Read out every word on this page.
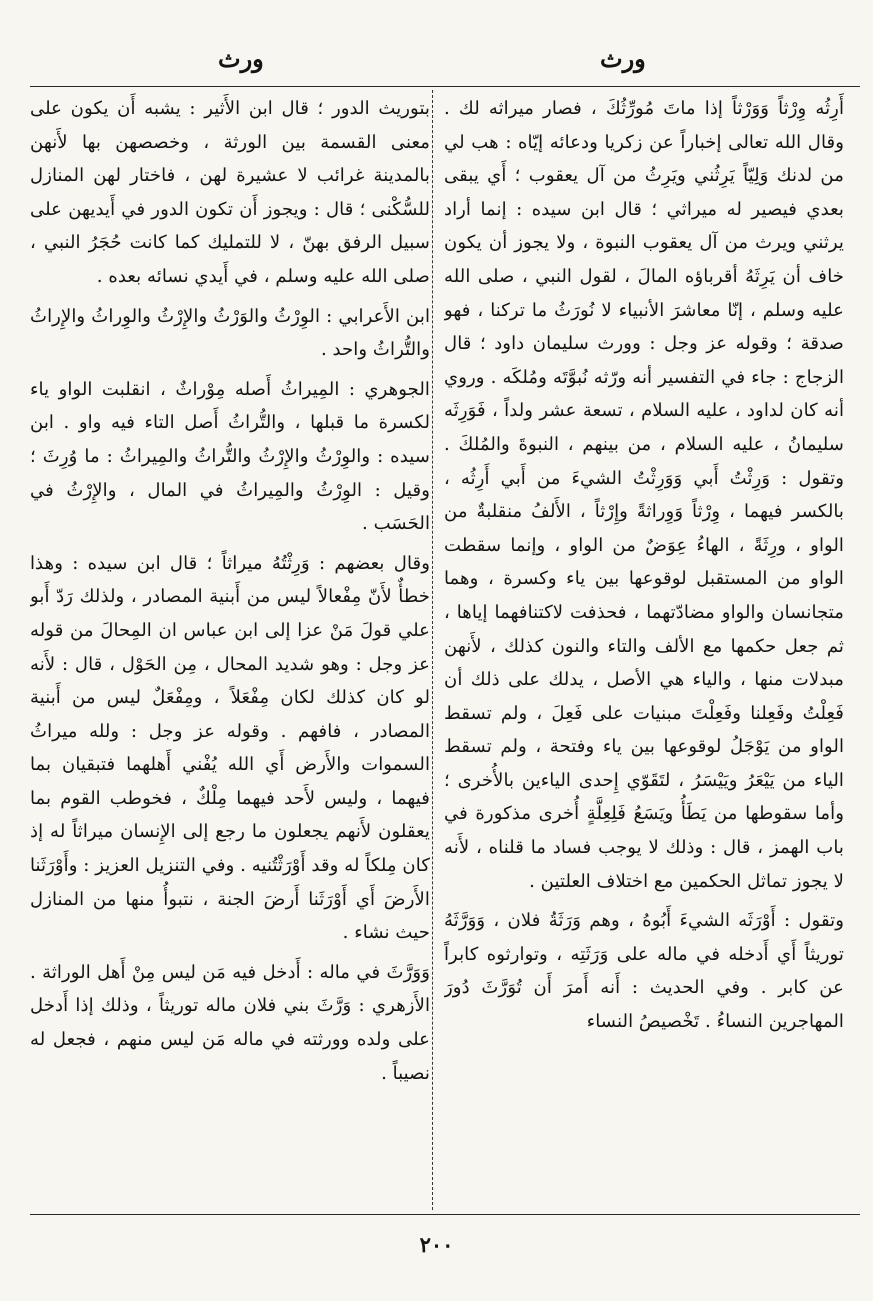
ورث
ورث

أَرِثُه وِرْثاً وَوَرْثاً إذا ماتَ مُورِّثُكَ ، فصار ميراثه لك . وقال الله تعالى إخباراً عن زكريا ودعائه إيّاه : هب لي من لدنك وَلِيّاً يَرِثُني ويَرِثُ من آل يعقوب ؛ أَي يبقى بعدي فيصير له ميراثي ؛ قال ابن سيده : إنما أراد يرثني ويرث من آل يعقوب النبوة ، ولا يجوز أن يكون خاف أن يَرِثَهُ أقرباؤه المالَ ، لقول النبي ، صلى الله عليه وسلم ، إنّا معاشرَ الأنبياء لا نُورَثُ ما تركنا ، فهو صدقة ؛ وقوله عز وجل : وورث سليمان داود ؛ قال الزجاج : جاء في التفسير أنه ورّثه نُبوَّتَه ومُلكَه . وروي أنه كان لداود ، عليه السلام ، تسعة عشر ولداً ، فَوَرِثَه سليمانُ ، عليه السلام ، من بينهم ، النبوةَ والمُلكَ . وتقول : وَرِثْتُ أَبي وَوَرِثْتُ الشيءَ من أَبي أَرِثُه ، بالكسر فيهما ، وِرْثاً وَوِراثةً وإِرْثاً ، الأَلفُ منقلبةٌ من الواو ، ورِثَةً ، الهاءُ عِوَضٌ من الواو ، وإنما سقطت الواو من المستقبل لوقوعها بين ياء وكسرة ، وهما متجانسان والواو مضادّتهما ، فحذفت لاكتنافهما إياها ، ثم جعل حكمها مع الألف والتاء والنون كذلك ، لأَنهن مبدلات منها ، والياء هي الأصل ، يدلك على ذلك أن فَعِلْتُ وفَعِلنا وفَعِلْتَ مبنيات على فَعِلَ ، ولم تسقط الواو من يَوْجَلُ لوقوعها بين ياء وفتحة ، ولم تسقط الياء من يَيْعَرُ ويَيْسَرُ ، لتَقَوّي إِحدى الياءين بالأُخرى ؛ وأما سقوطها من يَطَأُ ويَسَعُ فَلِعِلَّةٍ أُخرى مذكورة في باب الهمز ، قال : وذلك لا يوجب فساد ما قلناه ، لأَنه لا يجوز تماثل الحكمين مع اختلاف العلتين .

وتقول : أَوْرَثَه الشيءَ أَبُوهُ ، وهم وَرَثَةُ فلان ، وَوَرَّثَهُ توريثاً أَي أَدخله في ماله على وَرَثَتِه ، وتوارثوه كابراً عن كابر . وفي الحديث : أَنه أَمرَ أَن تُوَرَّثَ دُورَ المهاجرين النساءُ . تَخْصيصُ النساء

بتوريث الدور ؛ قال ابن الأَثير : يشبه أَن يكون على معنى القسمة بين الورثة ، وخصصهن بها لأَنهن بالمدينة غرائب لا عشيرة لهن ، فاختار لهن المنازل للسُّكْنى ؛ قال : ويجوز أَن تكون الدور في أَيديهن على سبيل الرفق بهنّ ، لا للتمليك كما كانت حُجَرُ النبي ، صلى الله عليه وسلم ، في أَيدي نسائه بعده .

ابن الأَعرابي : الوِرْثُ والوَرْثُ والإِرْثُ والوِراثُ والإِراثُ والتُّراثُ واحد .

الجوهري : المِيراثُ أَصله مِوْراثٌ ، انقلبت الواو ياء لكسرة ما قبلها ، والتُّراثُ أَصل التاء فيه واو . ابن سيده : والوِرْثُ والإِرْثُ والتُّراثُ والمِيراثُ : ما وُرِثَ ؛ وقيل : الوِرْثُ والمِيراثُ في المال ، والإِرْثُ في الحَسَب .

وقال بعضهم : وَرِثْتُهُ ميراثاً ؛ قال ابن سيده : وهذا خطأٌ لأَنّ مِفْعالاً ليس من أَبنية المصادر ، ولذلك رَدّ أَبو علي قولَ مَنْ عزا إلى ابن عباس ان المِحالَ من قوله عز وجل : وهو شديد المحال ، مِن الحَوْل ، قال : لأَنه لو كان كذلك لكان مِفْعَلاً ، ومِفْعَلٌ ليس من أَبنية المصادر ، فافهم . وقوله عز وجل : ولله ميراثُ السموات والأَرض أَي الله يُفْني أَهلهما فتبقيان بما فيهما ، وليس لأَحد فيهما مِلْكٌ ، فخوطب القوم بما يعقلون لأَنهم يجعلون ما رجع إلى الإِنسان ميراثاً له إذ كان مِلكاً له وقد أَوْرَثْتُنيه . وفي التنزيل العزيز : وأَوْرَثَنا الأَرضَ أَي أَوْرَثَنا أَرضَ الجنة ، نتبوأُ منها من المنازل حيث نشاء .

وَوَرَّثَ في ماله : أَدخل فيه مَن ليس مِنْ أَهل الوراثة . الأَزهري : وَرَّثَ بني فلان ماله توريثاً ، وذلك إذا أَدخل على ولده وورثته في ماله مَن ليس منهم ، فجعل له نصيباً .

٢٠٠
